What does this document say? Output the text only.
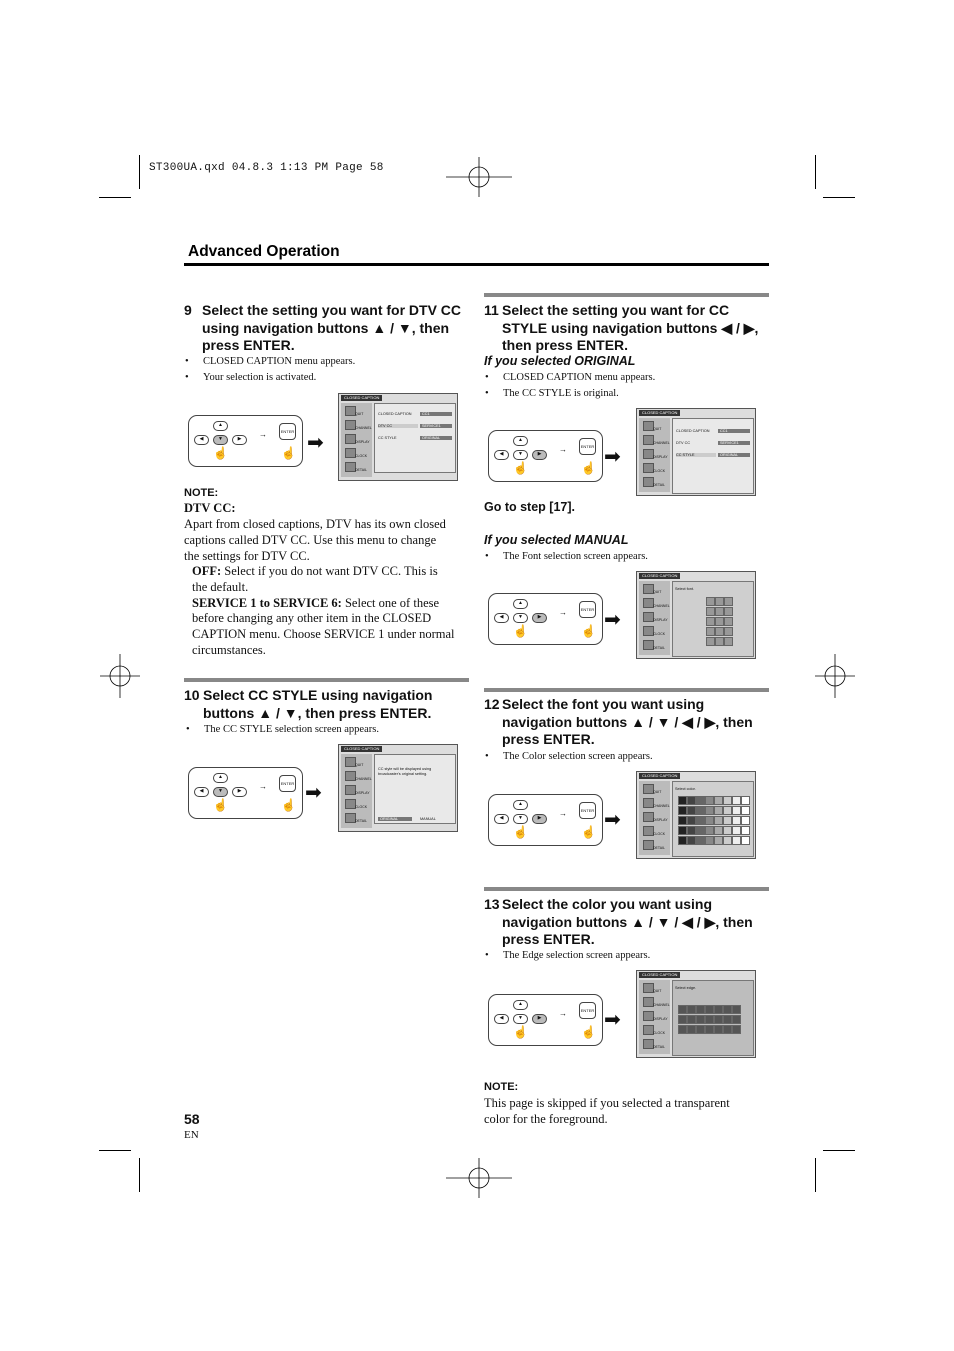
ST300UA.qxd 04.8.3 1:13 PM Page 58
Advanced Operation
9 Select the setting you want for DTV CC
using navigation buttons ▲ / ▼, then
press ENTER.
• CLOSED CAPTION menu appears.
• Your selection is activated.
▲
◀	▼	▶
ENTER
☝	☝
→ ➡
CLOSED CAPTION
QUIT
CHANNEL
DISPLAY
CLOCK
DETAIL
CLOSED CAPTION	CC1
DTV CC	SERVICE1
CC STYLE	ORIGINAL
NOTE:
DTV CC:
Apart from closed captions, DTV has its own closed
captions called DTV CC. Use this menu to change
the settings for DTV CC.
OFF: Select if you do not want DTV CC. This is
the default.
SERVICE 1 to SERVICE 6: Select one of these
before changing any other item in the CLOSED
CAPTION menu. Choose SERVICE 1 under normal
circumstances.
10 Select CC STYLE using navigation
buttons ▲ / ▼, then press ENTER.
• The CC STYLE selection screen appears.
▲
◀	▼	▶
ENTER
☝	☝
→ ➡
CLOSED CAPTION
QUIT
CHANNEL
DISPLAY
CLOCK
DETAIL
CC style will be displayed using broadcaster's original setting.
ORIGINAL	MANUAL
11 Select the setting you want for CC
STYLE using navigation buttons ◀ / ▶,
then press ENTER.
If you selected ORIGINAL
• CLOSED CAPTION menu appears.
• The CC STYLE is original.
▲
◀	▼	▶
ENTER
☝	☝
→ ➡
CLOSED CAPTION
QUIT
CHANNEL
DISPLAY
CLOCK
DETAIL
CLOSED CAPTION	CC1
DTV CC	SERVICE1
CC STYLE	ORIGINAL
Go to step [17].
If you selected MANUAL
• The Font selection screen appears.
▲
◀	▼	▶
ENTER
☝	☝
→ ➡
CLOSED CAPTION
QUIT
CHANNEL
DISPLAY
CLOCK
DETAIL
Select font.
12 Select the font you want using
navigation buttons ▲ / ▼ / ◀ / ▶, then
press ENTER.
• The Color selection screen appears.
▲
◀	▼	▶
ENTER
☝	☝
→ ➡
CLOSED CAPTION
QUIT
CHANNEL
DISPLAY
CLOCK
DETAIL
Select color.
13 Select the color you want using
navigation buttons ▲ / ▼ / ◀ / ▶, then
press ENTER.
• The Edge selection screen appears.
▲
◀	▼	▶
ENTER
☝	☝
→ ➡
CLOSED CAPTION
QUIT
CHANNEL
DISPLAY
CLOCK
DETAIL
Select edge.
NOTE:
This page is skipped if you selected a transparent
color for the foreground.
58
EN
